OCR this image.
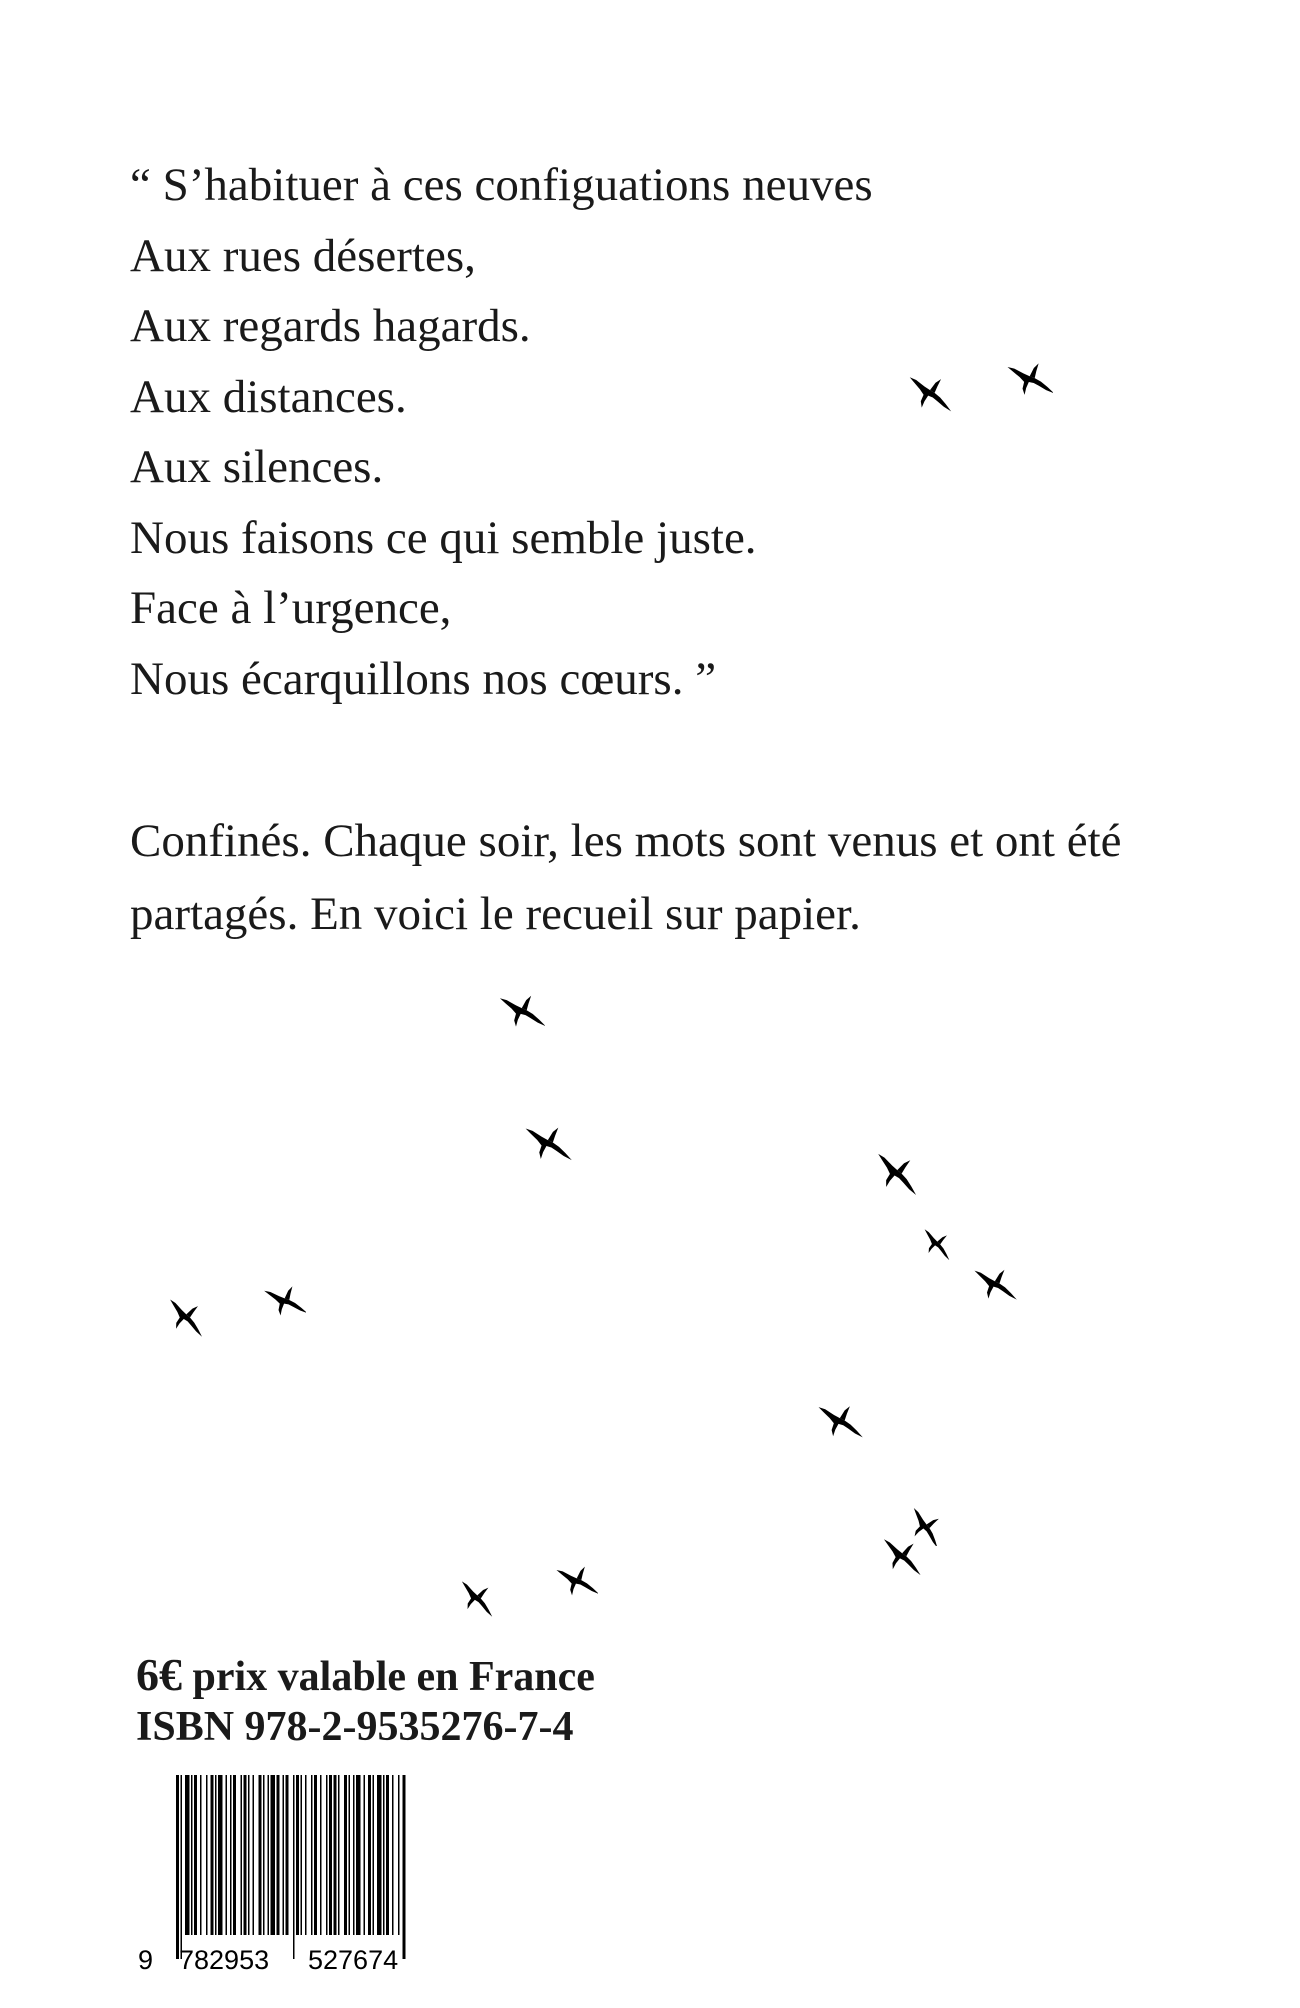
“ S’habituer à ces configuations neuves

Aux rues désertes,

Aux regards hagards.

Aux distances.

Aux silences.

Nous faisons ce qui semble juste.

Face à l’urgence,

Nous écarquillons nos cœurs. ”

Confinés. Chaque soir, les mots sont venus et ont été

partagés. En voici le recueil sur papier.

6€ prix valable en France

ISBN 978-2-9535276-7-4

9 782953 527674
